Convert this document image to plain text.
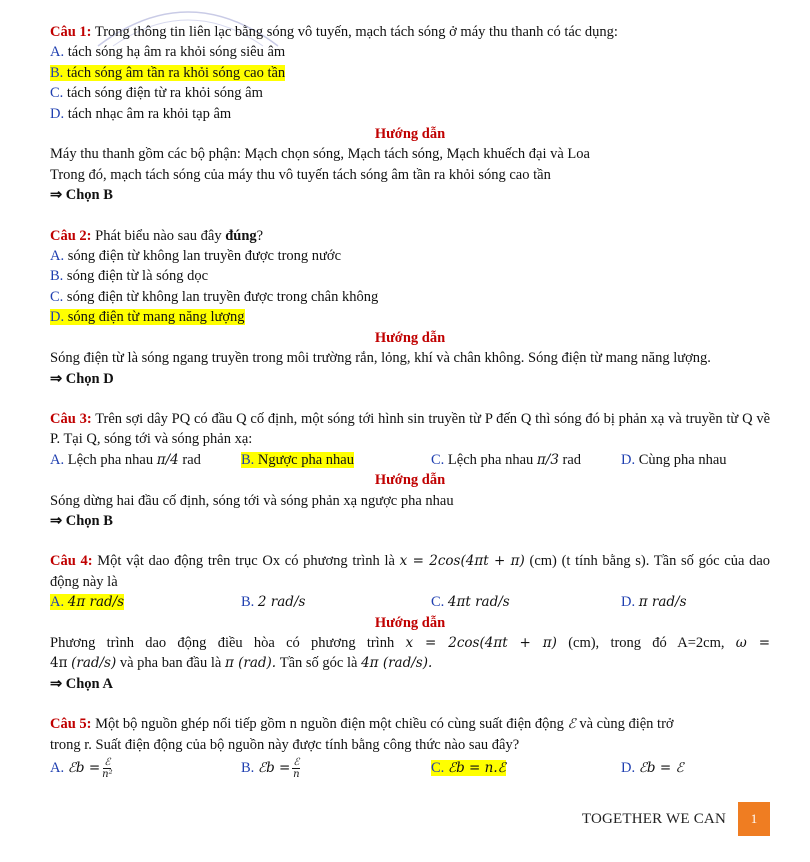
Câu 1: Trong thông tin liên lạc bằng sóng vô tuyến, mạch tách sóng ở máy thu thanh có tác dụng:
A. tách sóng hạ âm ra khỏi sóng siêu âm
B. tách sóng âm tần ra khỏi sóng cao tần
C. tách sóng điện từ ra khỏi sóng âm
D. tách nhạc âm ra khỏi tạp âm
Hướng dẫn
Máy thu thanh gồm các bộ phận: Mạch chọn sóng, Mạch tách sóng, Mạch khuếch đại và Loa
Trong đó, mạch tách sóng của máy thu vô tuyến tách sóng âm tần ra khỏi sóng cao tần
⇒ Chọn B
Câu 2: Phát biểu nào sau đây đúng?
A. sóng điện từ không lan truyền được trong nước
B. sóng điện từ là sóng dọc
C. sóng điện từ không lan truyền được trong chân không
D. sóng điện từ mang năng lượng
Hướng dẫn
Sóng điện từ là sóng ngang truyền trong môi trường rắn, lỏng, khí và chân không. Sóng điện từ mang năng lượng.
⇒ Chọn D
Câu 3: Trên sợi dây PQ có đầu Q cố định, một sóng tới hình sin truyền từ P đến Q thì sóng đó bị phản xạ và truyền từ Q về P. Tại Q, sóng tới và sóng phản xạ:
A. Lệch pha nhau π/4 rad	B. Ngược pha nhau	C. Lệch pha nhau π/3 rad	D. Cùng pha nhau
Hướng dẫn
Sóng dừng hai đầu cố định, sóng tới và sóng phản xạ ngược pha nhau
⇒ Chọn B
Câu 4: Một vật dao động trên trục Ox có phương trình là x = 2cos(4πt + π) (cm) (t tính bằng s). Tần số góc của dao động này là
A. 4π rad/s	B. 2 rad/s	C. 4πt rad/s	D. π rad/s
Hướng dẫn
Phương trình dao động điều hòa có phương trình x = 2cos(4πt + π) (cm), trong đó A=2cm, ω =
4π (rad/s) và pha ban đầu là π (rad). Tần số góc là 4π (rad/s).
⇒ Chọn A
Câu 5: Một bộ nguồn ghép nối tiếp gồm n nguồn điện một chiều có cùng suất điện động ℰ và cùng điện trở
trong r. Suất điện động của bộ nguồn này được tính bằng công thức nào sau đây?
A. ℰb = $\frac{\text{ℰ}}{\text{n²}}$	B. ℰb = $\frac{\text{ℰ}}{n}$	C. ℰb = n.ℰ	D. ℰb = ℰ
TOGETHER WE CAN	1
